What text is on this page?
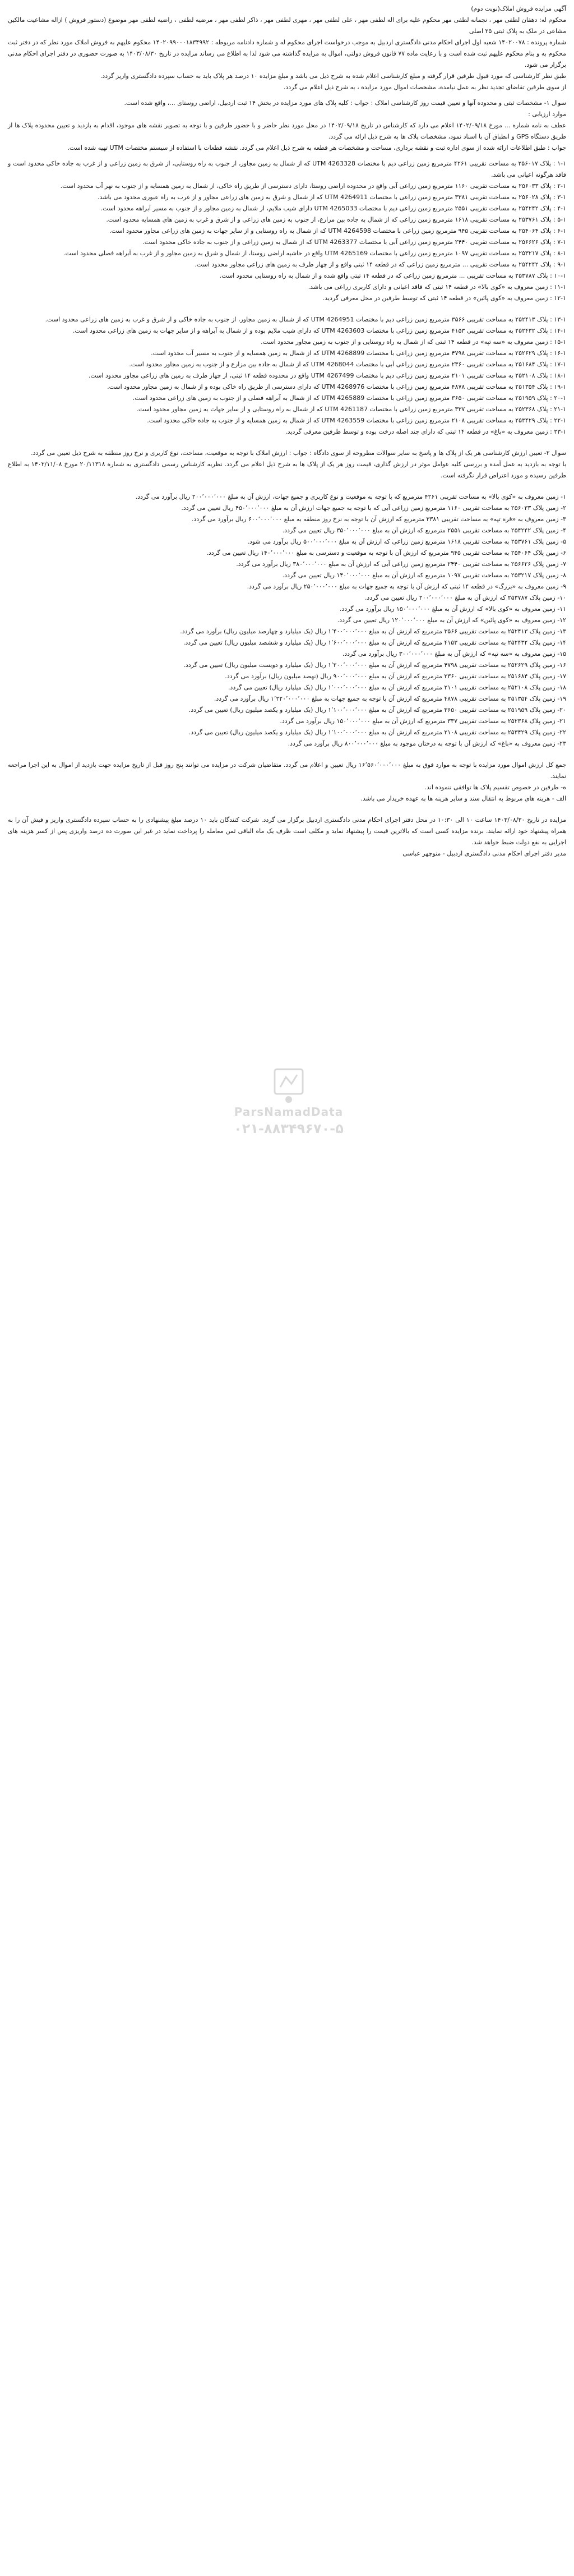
آگهی مزایده فروش املاک(نوبت دوم)

محکوم له: دهقان لطفی مهر ، نجمانه لطفی مهر محکوم علیه برای اله لطفی مهر ، علی لطفی مهر ، مهری لطفی مهر ، ذاکر لطفی مهر ، مرضیه لطفی ، راضیه لطفی مهر موضوع (دستور فروش ) ازاله مشاعیت مالکین مشاعی در ملک به پلاک ثبتی ۲۵ اصلی

شماره پرونده : ۱۴۰۲۰۰۷۸ شعبه اول اجرای احکام مدنی دادگستری اردبیل به موجب درخواست اجرای محکوم له و شماره دادنامه مربوطه : ۱۴۰۲۰۹۹۰۰۰۱۸۳۴۹۹۲ محکوم علیهم به فروش املاک مورد نظر که در دفتر ثبت محکوم به و بنام محکوم علیهم ثبت شده است و با رعایت ماده ۷۷ قانون فروش دولتی، اموال به مزایده گذاشته می شود لذا به اطلاع می رساند مزایده در تاریخ ۱۴۰۳/۰۸/۳۰ به صورت حضوری در دفتر اجرای احکام مدنی برگزار می شود.

طبق نظر کارشناسی که مورد قبول طرفین قرار گرفته و مبلغ کارشناسی اعلام شده به شرح ذیل می باشد و مبلغ مزایده ۱۰ درصد هر پلاک باید به حساب سپرده دادگستری واریز گردد.

از سوی طرفین تقاضای تجدید نظر به عمل نیامده، مشخصات اموال مورد مزایده ، به شرح ذیل اعلام می گردد.

سوال ۱- مشخصات ثبتی و محدوده آنها و تعیین قیمت روز کارشناسی املاک : جواب : کلیه پلاک های مورد مزایده در بخش ۱۴ ثبت اردبیل، اراضی روستای ...، واقع شده است.

موارد ارزیابی :

عطف به نامه شماره ... مورخ ۱۴۰۲/۰۹/۱۸ اعلام می دارد که کارشناس در تاریخ ۱۴۰۲/۰۹/۱۸ در محل مورد نظر حاضر و با حضور طرفین و با توجه به تصویر نقشه های موجود، اقدام به بازدید و تعیین محدوده پلاک ها از طریق دستگاه GPS و انطباق آن با اسناد نمود، مشخصات پلاک ها به شرح ذیل ارائه می گردد.

جواب : طبق اطلاعات ارائه شده از سوی اداره ثبت و نقشه برداری، مساحت و مشخصات هر قطعه به شرح ذیل اعلام می گردد. نقشه قطعات با استفاده از سیستم مختصات UTM تهیه شده است.

۱-۱ : پلاک ۲۵۶۰۱۷ به مساحت تقریبی ۴۲۶۱ مترمربع زمین زراعی دیم با مختصات UTM 4263328 که از شمال به زمین مجاور، از جنوب به راه روستایی، از شرق به زمین زراعی و از غرب به جاده خاکی محدود است و فاقد هرگونه اعیانی می باشد.

۲-۱ : پلاک ۲۵۶۰۳۳ به مساحت تقریبی ۱۱۶۰ مترمربع زمین زراعی آبی واقع در محدوده اراضی روستا، دارای دسترسی از طریق راه خاکی، از شمال به زمین همسایه و از جنوب به نهر آب محدود است.

۳-۱ : پلاک ۲۵۶۰۲۸ به مساحت تقریبی ۳۳۸۱ مترمربع زمین زراعی با مختصات UTM 4264911 که از شمال و شرق به زمین های زراعی مجاور و از غرب به راه عبوری محدود می باشد.

۴-۱ : پلاک ۲۵۴۲۴۲ به مساحت تقریبی ۲۵۵۱ مترمربع زمین زراعی دیم با مختصات UTM 4265033 دارای شیب ملایم، از شمال به زمین مجاور و از جنوب به مسیر آبراهه محدود است.

۵-۱ : پلاک ۲۵۳۷۶۱ به مساحت تقریبی ۱۶۱۸ مترمربع زمین زراعی که از شمال به جاده بین مزارع، از جنوب به زمین های زراعی و از شرق و غرب به زمین های همسایه محدود است.

۶-۱ : پلاک ۲۵۴۰۶۴ به مساحت تقریبی ۹۴۵ مترمربع زمین زراعی با مختصات UTM 4264598 که از شمال به راه روستایی و از سایر جهات به زمین های زراعی مجاور محدود است.

۷-۱ : پلاک ۲۵۶۶۲۶ به مساحت تقریبی ۲۴۴۰ مترمربع زمین زراعی آبی با مختصات UTM 4263377 که از شمال به زمین زراعی و از جنوب به جاده خاکی محدود است.

۸-۱ : پلاک ۲۵۳۲۱۷ به مساحت تقریبی ۱۰۹۷ مترمربع زمین زراعی با مختصات UTM 4265169 واقع در حاشیه اراضی روستا، از شمال و شرق به زمین مجاور و از غرب به آبراهه فصلی محدود است.

۹-۱ : پلاک ۲۵۴۲۴۲ به مساحت تقریبی ... مترمربع زمین زراعی که در قطعه ۱۴ ثبتی واقع و از چهار طرف به زمین های زراعی مجاور محدود است.

۱۰-۱ : پلاک ۲۵۳۷۸۷ به مساحت تقریبی ... مترمربع زمین زراعی که در قطعه ۱۴ ثبتی واقع شده و از شمال به راه روستایی محدود است.

۱۱-۱ : زمین معروف به «کوی بالا» در قطعه ۱۴ ثبتی که فاقد اعیانی و دارای کاربری زراعی می باشد.

۱۲-۱ : زمین معروف به «کوی پائین» در قطعه ۱۴ ثبتی که توسط طرفین در محل معرفی گردید.

۱۳-۱ : پلاک ۲۵۲۴۱۳ به مساحت تقریبی ۳۵۶۶ مترمربع زمین زراعی دیم با مختصات UTM 4264951 که از شمال به زمین مجاور، از جنوب به جاده خاکی و از شرق و غرب به زمین های زراعی محدود است.

۱۴-۱ : پلاک ۲۵۲۴۳۲ به مساحت تقریبی ۴۱۵۳ مترمربع زمین زراعی با مختصات UTM 4263603 که دارای شیب ملایم بوده و از شمال به آبراهه و از سایر جهات به زمین های زراعی محدود است.

۱۵-۱ : زمین معروف به «سه تپه» در قطعه ۱۴ ثبتی که از شمال به راه روستایی و از جنوب به زمین مجاور محدود است.

۱۶-۱ : پلاک ۲۵۲۶۲۹ به مساحت تقریبی ۴۷۹۸ مترمربع زمین زراعی با مختصات UTM 4268899 که از شمال به زمین همسایه و از جنوب به مسیر آب محدود است.

۱۷-۱ : پلاک ۲۵۱۶۸۴ به مساحت تقریبی ۲۳۶۰ مترمربع زمین زراعی آبی با مختصات UTM 4268044 که از شمال به جاده بین مزارع و از جنوب به زمین مجاور محدود است.

۱۸-۱ : پلاک ۲۵۲۱۰۸ به مساحت تقریبی ۲۱۰۱ مترمربع زمین زراعی دیم با مختصات UTM 4267499 واقع در محدوده قطعه ۱۴ ثبتی، از چهار طرف به زمین های زراعی مجاور محدود است.

۱۹-۱ : پلاک ۲۵۱۳۵۴ به مساحت تقریبی ۴۸۷۸ مترمربع زمین زراعی با مختصات UTM 4268976 که دارای دسترسی از طریق راه خاکی بوده و از شمال به زمین مجاور محدود است.

۲۰-۱ : پلاک ۲۵۱۹۵۹ به مساحت تقریبی ۳۶۵۰ مترمربع زمین زراعی با مختصات UTM 4265889 که از شمال به آبراهه فصلی و از جنوب به زمین های زراعی محدود است.

۲۱-۱ : پلاک ۲۵۲۳۶۸ به مساحت تقریبی ۳۳۷ مترمربع زمین زراعی با مختصات UTM 4261187 که از شمال به راه روستایی و از سایر جهات به زمین مجاور محدود است.

۲۲-۱ : پلاک ۲۵۳۴۲۹ به مساحت تقریبی ۲۱۰۸ مترمربع زمین زراعی با مختصات UTM 4263559 که از شمال به زمین همسایه و از جنوب به جاده خاکی محدود است.

۲۳-۱ : زمین معروف به «باغ» در قطعه ۱۴ ثبتی که دارای چند اصله درخت بوده و توسط طرفین معرفی گردید.

سوال ۲- تعیین ارزش کارشناسی هر یک از پلاک ها و پاسخ به سایر سوالات مطروحه از سوی دادگاه : جواب : ارزش املاک با توجه به موقعیت، مساحت، نوع کاربری و نرخ روز منطقه به شرح ذیل تعیین می گردد.

با توجه به بازدید به عمل آمده و بررسی کلیه عوامل موثر در ارزش گذاری، قیمت روز هر یک از پلاک ها به شرح ذیل اعلام می گردد. نظریه کارشناس رسمی دادگستری به شماره ۲۰/۱۱۳۱۸ مورخ ۱۴۰۲/۱۱/۰۸ به اطلاع طرفین رسیده و مورد اعتراض قرار نگرفته است.

۱- زمین معروف به «کوی بالا» به مساحت تقریبی ۴۲۶۱ مترمربع که با توجه به موقعیت و نوع کاربری و جمیع جهات، ارزش آن به مبلغ ۲۰۰٬۰۰۰٬۰۰۰ ریال برآورد می گردد.

۲- زمین پلاک ۲۵۶۰۳۳ به مساحت تقریبی ۱۱۶۰ مترمربع زمین زراعی آبی که با توجه به جمیع جهات ارزش آن به مبلغ ۴۵۰٬۰۰۰٬۰۰۰ ریال تعیین می گردد.

۳- زمین معروف به «قره تپه» به مساحت تقریبی ۳۳۸۱ مترمربع که ارزش آن با توجه به نرخ روز منطقه به مبلغ ۶۰۰٬۰۰۰٬۰۰۰ ریال برآورد می گردد.

۴- زمین پلاک ۲۵۴۲۴۲ به مساحت تقریبی ۲۵۵۱ مترمربع که ارزش آن به مبلغ ۳۵۰٬۰۰۰٬۰۰۰ ریال تعیین می گردد.

۵- زمین پلاک ۲۵۳۷۶۱ به مساحت تقریبی ۱۶۱۸ مترمربع زمین زراعی که ارزش آن به مبلغ ۵۰۰٬۰۰۰٬۰۰۰ ریال برآورد می شود.

۶- زمین پلاک ۲۵۴۰۶۴ به مساحت تقریبی ۹۴۵ مترمربع که ارزش آن با توجه به موقعیت و دسترسی به مبلغ ۱۴۰٬۰۰۰٬۰۰۰ ریال تعیین می گردد.

۷- زمین پلاک ۲۵۶۶۲۶ به مساحت تقریبی ۲۴۴۰ مترمربع زمین زراعی آبی که ارزش آن به مبلغ ۳۸۰٬۰۰۰٬۰۰۰ ریال برآورد می گردد.

۸- زمین پلاک ۲۵۳۲۱۷ به مساحت تقریبی ۱۰۹۷ مترمربع که ارزش آن به مبلغ ۱۴۰٬۰۰۰٬۰۰۰ ریال تعیین می گردد.

۹- زمین معروف به «بزرگ» در قطعه ۱۴ ثبتی که ارزش آن با توجه به جمیع جهات به مبلغ ۲۵۰٬۰۰۰٬۰۰۰ ریال برآورد می گردد.

۱۰- زمین پلاک ۲۵۳۷۸۷ که ارزش آن به مبلغ ۲۰۰٬۰۰۰٬۰۰۰ ریال تعیین می گردد.

۱۱- زمین معروف به «کوی بالا» که ارزش آن به مبلغ ۱۵۰٬۰۰۰٬۰۰۰ ریال برآورد می گردد.

۱۲- زمین معروف به «کوی پائین» که ارزش آن به مبلغ ۱۲۰٬۰۰۰٬۰۰۰ ریال تعیین می گردد.

۱۳- زمین پلاک ۲۵۲۴۱۳ به مساحت تقریبی ۳۵۶۶ مترمربع که ارزش آن به مبلغ ۱٬۴۰۰٬۰۰۰٬۰۰۰ ریال (یک میلیارد و چهارصد میلیون ریال) برآورد می گردد.

۱۴- زمین پلاک ۲۵۲۴۳۲ به مساحت تقریبی ۴۱۵۳ مترمربع که ارزش آن به مبلغ ۱٬۶۰۰٬۰۰۰٬۰۰۰ ریال (یک میلیارد و ششصد میلیون ریال) تعیین می گردد.

۱۵- زمین معروف به «سه تپه» که ارزش آن به مبلغ ۳۰۰٬۰۰۰٬۰۰۰ ریال برآورد می گردد.

۱۶- زمین پلاک ۲۵۲۶۲۹ به مساحت تقریبی ۴۷۹۸ مترمربع که ارزش آن به مبلغ ۱٬۲۰۰٬۰۰۰٬۰۰۰ ریال (یک میلیارد و دویست میلیون ریال) تعیین می گردد.

۱۷- زمین پلاک ۲۵۱۶۸۴ به مساحت تقریبی ۲۳۶۰ مترمربع که ارزش آن به مبلغ ۹۰۰٬۰۰۰٬۰۰۰ ریال (نهصد میلیون ریال) برآورد می گردد.

۱۸- زمین پلاک ۲۵۲۱۰۸ به مساحت تقریبی ۲۱۰۱ مترمربع که ارزش آن به مبلغ ۱٬۰۰۰٬۰۰۰٬۰۰۰ ریال (یک میلیارد ریال) تعیین می گردد.

۱۹- زمین پلاک ۲۵۱۳۵۴ به مساحت تقریبی ۴۸۷۸ مترمربع که ارزش آن با توجه به جمیع جهات به مبلغ ۱٬۲۲۰٬۰۰۰٬۰۰۰ ریال برآورد می گردد.

۲۰- زمین پلاک ۲۵۱۹۵۹ به مساحت تقریبی ۳۶۵۰ مترمربع که ارزش آن به مبلغ ۱٬۱۰۰٬۰۰۰٬۰۰۰ ریال (یک میلیارد و یکصد میلیون ریال) تعیین می گردد.

۲۱- زمین پلاک ۲۵۲۳۶۸ به مساحت تقریبی ۳۳۷ مترمربع که ارزش آن به مبلغ ۱۵۰٬۰۰۰٬۰۰۰ ریال برآورد می گردد.

۲۲- زمین پلاک ۲۵۳۴۲۹ به مساحت تقریبی ۲۱۰۸ مترمربع که ارزش آن به مبلغ ۱٬۱۰۰٬۰۰۰٬۰۰۰ ریال (یک میلیارد و یکصد میلیون ریال) تعیین می گردد.

۲۳- زمین معروف به «باغ» که ارزش آن با توجه به درختان موجود به مبلغ ۸۰۰٬۰۰۰٬۰۰۰ ریال برآورد می گردد.

جمع کل ارزش اموال مورد مزایده با توجه به موارد فوق به مبلغ ۱۶٬۵۶۰٬۰۰۰٬۰۰۰ ریال تعیین و اعلام می گردد. متقاضیان شرکت در مزایده می توانند پنج روز قبل از تاریخ مزایده جهت بازدید از اموال به این اجرا مراجعه نمایند.

ه- طرفین در خصوص تقسیم پلاک ها توافقی ننموده اند.

الف - هزینه های مربوط به انتقال سند و سایر هزینه ها به عهده خریدار می باشد.

مزایده در تاریخ ۱۴۰۳/۰۸/۳۰ ساعت ۱۰ الی ۱۰:۳۰ در محل دفتر اجرای احکام مدنی دادگستری اردبیل برگزار می گردد. شرکت کنندگان باید ۱۰ درصد مبلغ پیشنهادی را به حساب سپرده دادگستری واریز و فیش آن را به همراه پیشنهاد خود ارائه نمایند. برنده مزایده کسی است که بالاترین قیمت را پیشنهاد نماید و مکلف است ظرف یک ماه الباقی ثمن معامله را پرداخت نماید در غیر این صورت ده درصد واریزی پس از کسر هزینه های اجرایی به نفع دولت ضبط خواهد شد.

مدیر دفتر اجرای احکام مدنی دادگستری اردبیل - منوچهر عباسی

ParsNamadData
۰۲۱-۸۸۳۴۹۶۷۰-۵
